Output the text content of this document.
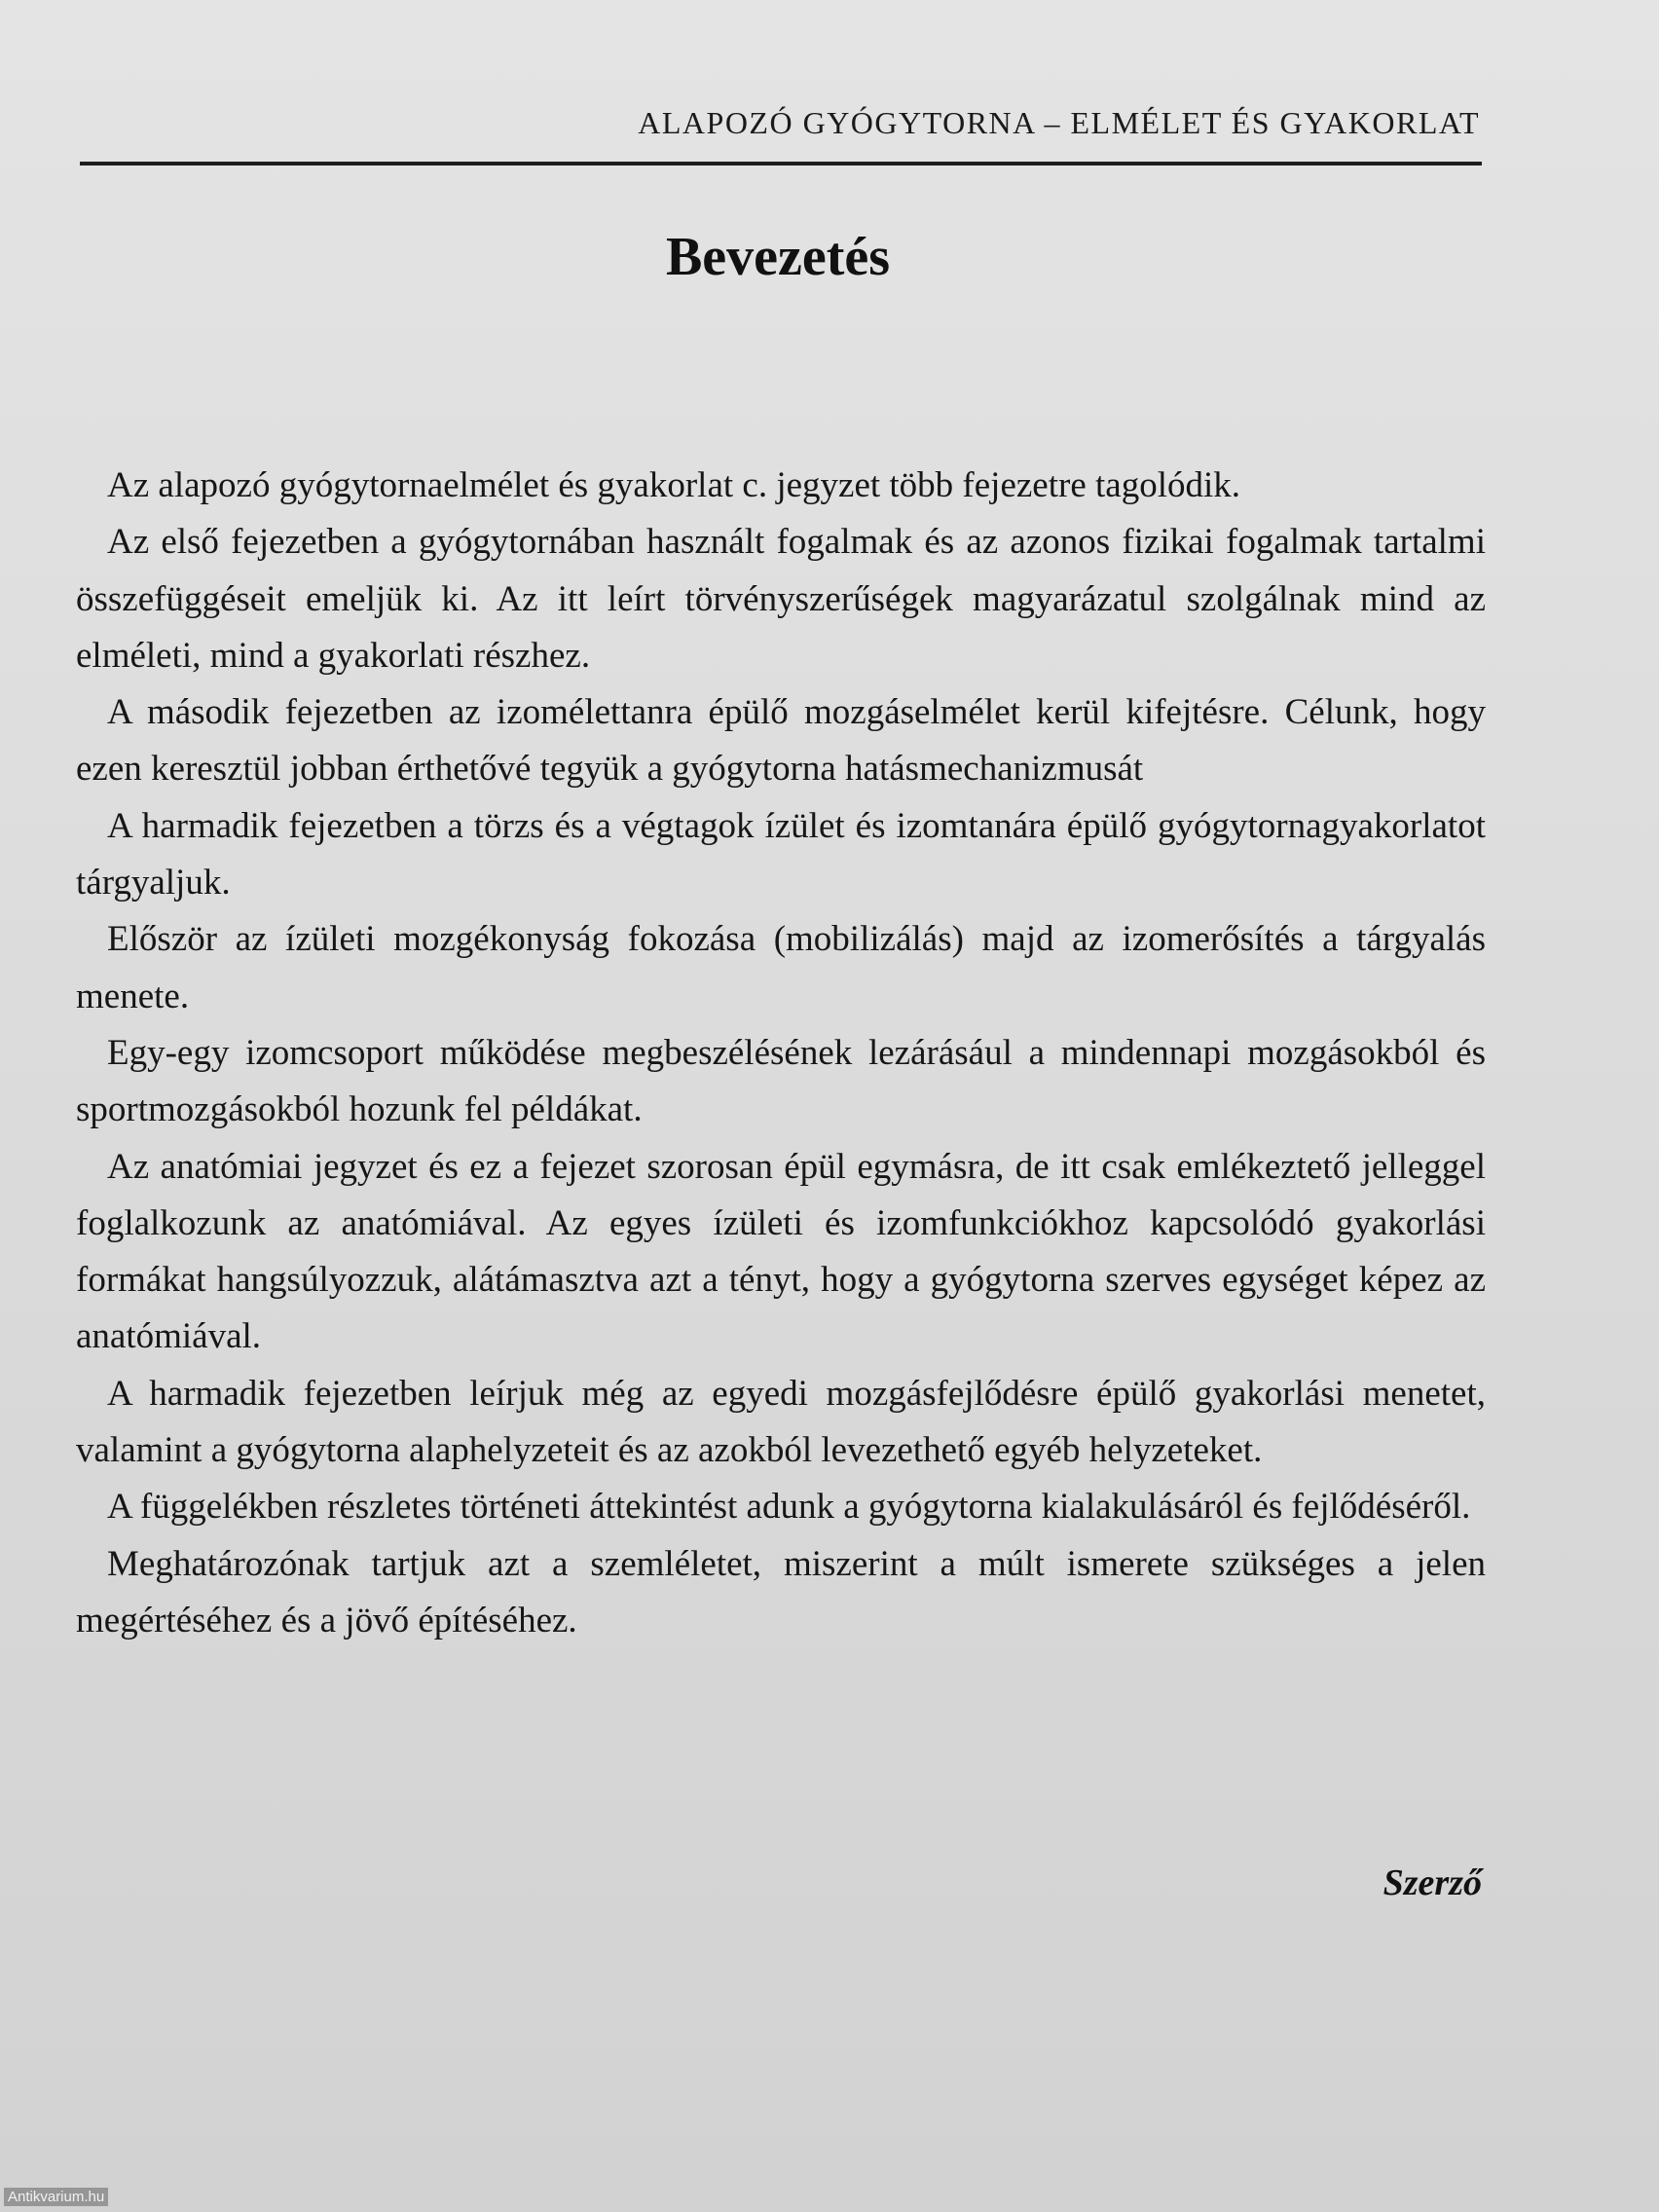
ALAPOZÓ GYÓGYTORNA – ELMÉLET ÉS GYAKORLAT
Bevezetés

Az alapozó gyógytornaelmélet és gyakorlat c. jegyzet több fejezetre tagolódik.

Az első fejezetben a gyógytornában használt fogalmak és az azonos fizikai fogalmak tartalmi összefüggéseit emeljük ki. Az itt leírt törvényszerűségek magyarázatul szolgálnak mind az elméleti, mind a gyakorlati részhez.

A második fejezetben az izomélettanra épülő mozgáselmélet kerül kifejtésre. Célunk, hogy ezen keresztül jobban érthetővé tegyük a gyógytorna hatásmechanizmusát

A harmadik fejezetben a törzs és a végtagok ízület és izomtanára épülő gyógytornagyakorlatot tárgyaljuk.

Először az ízületi mozgékonyság fokozása (mobilizálás) majd az izomerősítés a tárgyalás menete.

Egy-egy izomcsoport működése megbeszélésének lezárásául a mindennapi mozgásokból és sportmozgásokból hozunk fel példákat.

Az anatómiai jegyzet és ez a fejezet szorosan épül egymásra, de itt csak emlékeztető jelleggel foglalkozunk az anatómiával. Az egyes ízületi és izomfunkciókhoz kapcsolódó gyakorlási formákat hangsúlyozzuk, alátámasztva azt a tényt, hogy a gyógytorna szerves egységet képez az anatómiával.

A harmadik fejezetben leírjuk még az egyedi mozgásfejlődésre épülő gyakorlási menetet, valamint a gyógytorna alaphelyzeteit és az azokból levezethető egyéb helyzeteket.

A függelékben részletes történeti áttekintést adunk a gyógytorna kialakulásáról és fejlődéséről.

Meghatározónak tartjuk azt a szemléletet, miszerint a múlt ismerete szükséges a jelen megértéséhez és a jövő építéséhez.

Szerző
Antikvarium.hu
